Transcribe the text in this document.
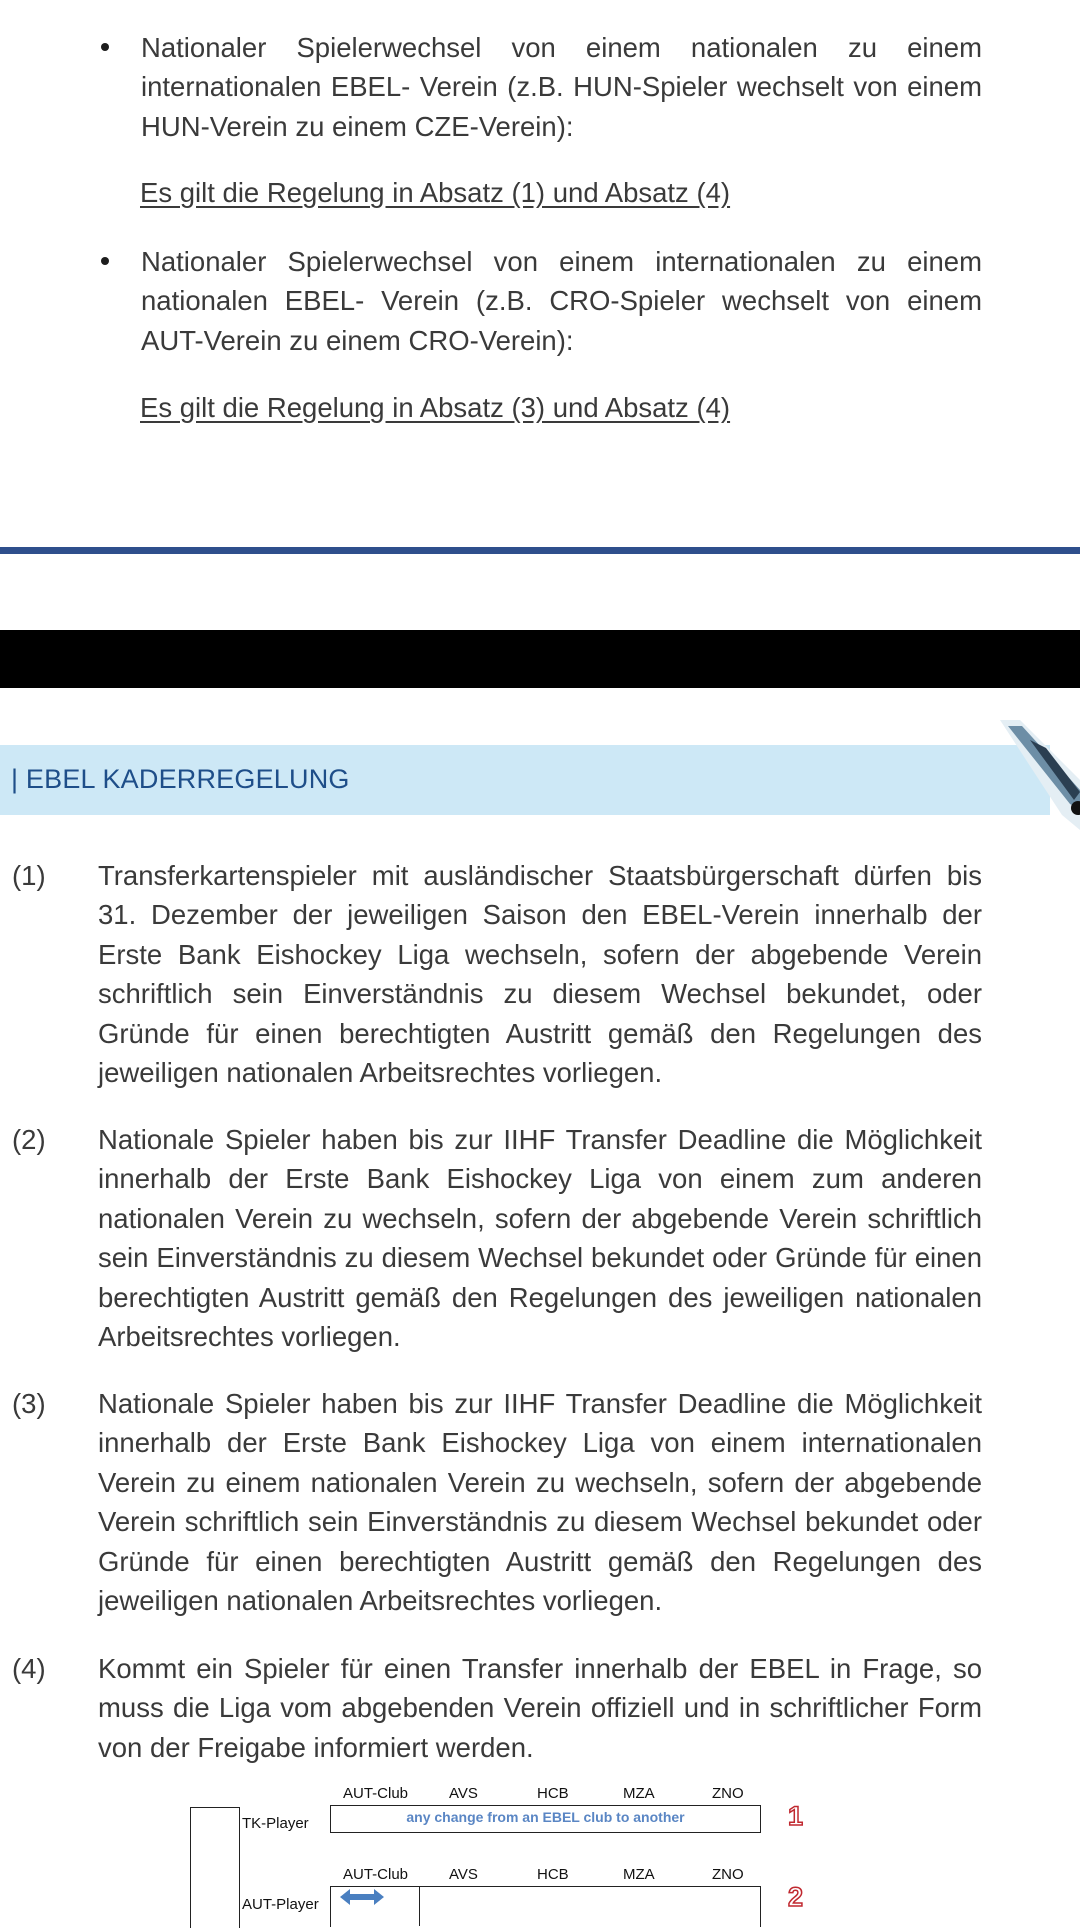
Nationaler Spielerwechsel von einem nationalen zu einem internationalen EBEL- Verein (z.B. HUN-Spieler wechselt von einem HUN-Verein zu einem CZE-Verein):

Es gilt die Regelung in Absatz (1) und Absatz (4)

Nationaler Spielerwechsel von einem internationalen zu einem nationalen EBEL- Verein (z.B. CRO-Spieler wechselt von einem AUT-Verein zu einem CRO-Verein):

Es gilt die Regelung in Absatz (3) und Absatz (4)
| EBEL KADERREGELUNG
(1) Transferkartenspieler mit ausländischer Staatsbürgerschaft dürfen bis 31. Dezember der jeweiligen Saison den EBEL-Verein innerhalb der Erste Bank Eishockey Liga wechseln, sofern der abgebende Verein schriftlich sein Einverständnis zu diesem Wechsel bekundet, oder Gründe für einen berechtigten Austritt gemäß den Regelungen des jeweiligen nationalen Arbeitsrechtes vorliegen.

(2) Nationale Spieler haben bis zur IIHF Transfer Deadline die Möglichkeit innerhalb der Erste Bank Eishockey Liga von einem zum anderen nationalen Verein zu wechseln, sofern der abgebende Verein schriftlich sein Einverständnis zu diesem Wechsel bekundet oder Gründe für einen berechtigten Austritt gemäß den Regelungen des jeweiligen nationalen Arbeitsrechtes vorliegen.

(3) Nationale Spieler haben bis zur IIHF Transfer Deadline die Möglichkeit innerhalb der Erste Bank Eishockey Liga von einem internationalen Verein zu einem nationalen Verein zu wechseln, sofern der abgebende Verein schriftlich sein Einverständnis zu diesem Wechsel bekundet oder Gründe für einen berechtigten Austritt gemäß den Regelungen des jeweiligen nationalen Arbeitsrechtes vorliegen.

(4) Kommt ein Spieler für einen Transfer innerhalb der EBEL in Frage, so muss die Liga vom abgebenden Verein offiziell und in schriftlicher Form von der Freigabe informiert werden.

AUT-Club	AVS	HCB	MZA	ZNO
TK-Player	any change from an EBEL club to another	1
AUT-Club	AVS	HCB	MZA	ZNO
AUT-Player	2
